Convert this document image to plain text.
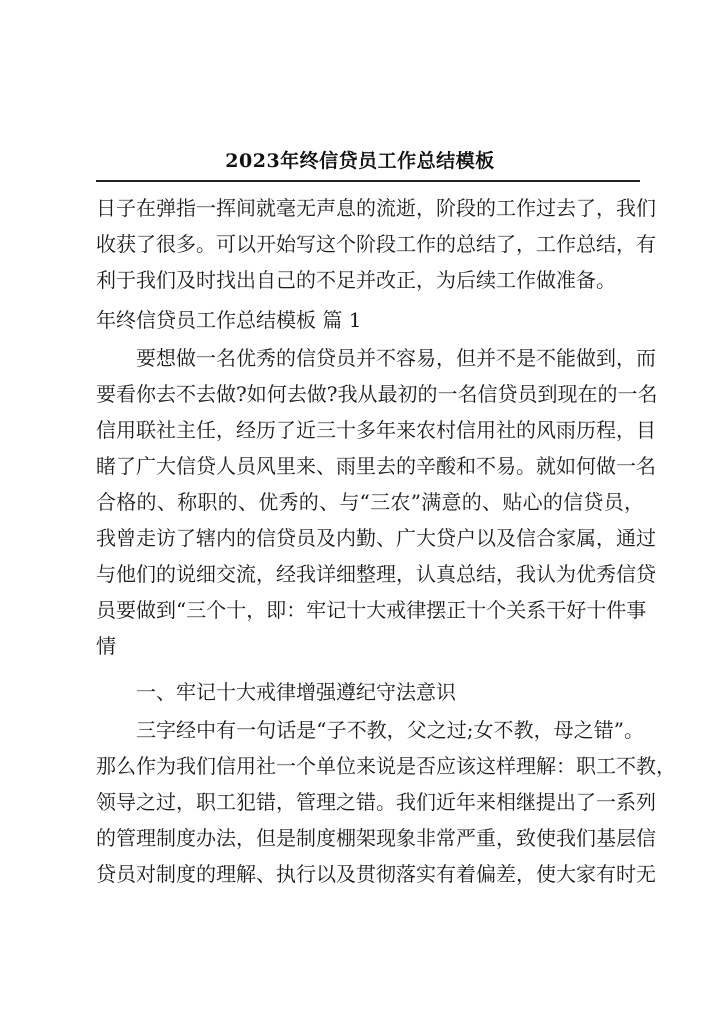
2023年终信贷员工作总结模板
日子在弹指一挥间就毫无声息的流逝，阶段的工作过去了，我们
收获了很多。可以开始写这个阶段工作的总结了，工作总结，有
利于我们及时找出自己的不足并改正，为后续工作做准备。
年终信贷员工作总结模板 篇 1
要想做一名优秀的信贷员并不容易，但并不是不能做到，而
要看你去不去做?如何去做?我从最初的一名信贷员到现在的一名
信用联社主任，经历了近三十多年来农村信用社的风雨历程，目
睹了广大信贷人员风里来、雨里去的辛酸和不易。就如何做一名
合格的、称职的、优秀的、与“三农”满意的、贴心的信贷员，
我曾走访了辖内的信贷员及内勤、广大贷户以及信合家属，通过
与他们的说细交流，经我详细整理，认真总结，我认为优秀信贷
员要做到“三个十，即：牢记十大戒律摆正十个关系干好十件事
情
一、牢记十大戒律增强遵纪守法意识
三字经中有一句话是“子不教，父之过;女不教，母之错”。
那么作为我们信用社一个单位来说是否应该这样理解：职工不教，
领导之过，职工犯错，管理之错。我们近年来相继提出了一系列
的管理制度办法，但是制度棚架现象非常严重，致使我们基层信
贷员对制度的理解、执行以及贯彻落实有着偏差，使大家有时无
